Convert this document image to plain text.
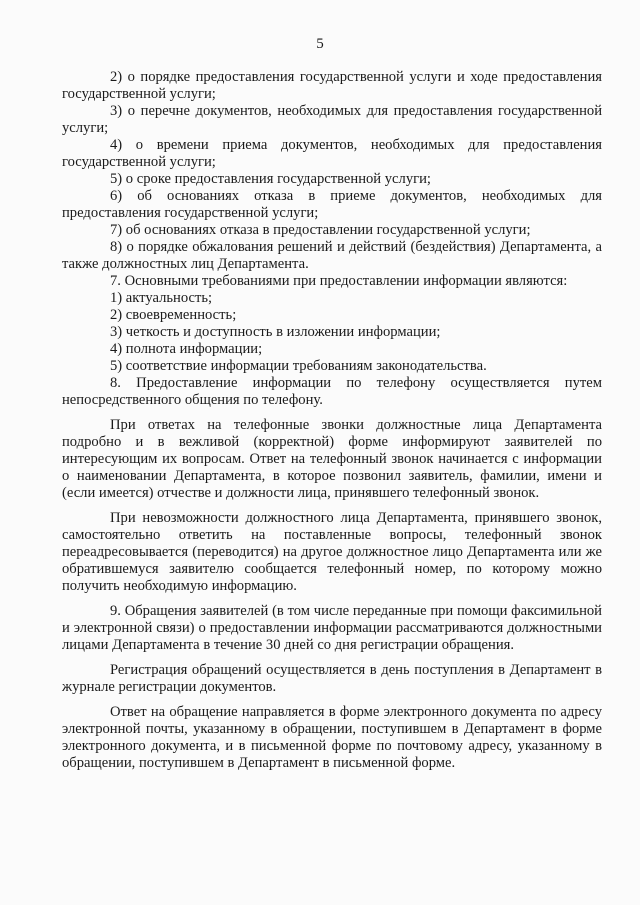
5

2) о порядке предоставления государственной услуги и ходе предоставления государственной услуги;

3) о перечне документов, необходимых для предоставления государственной услуги;

4) о времени приема документов, необходимых для предоставления государственной услуги;

5) о сроке предоставления государственной услуги;

6) об основаниях отказа в приеме документов, необходимых для предоставления государственной услуги;

7) об основаниях отказа в предоставлении государственной услуги;

8) о порядке обжалования решений и действий (бездействия) Департамента, а также должностных лиц Департамента.

7. Основными требованиями при предоставлении информации являются:

1) актуальность;

2) своевременность;

3) четкость и доступность в изложении информации;

4) полнота информации;

5) соответствие информации требованиям законодательства.

8. Предоставление информации по телефону осуществляется путем непосредственного общения по телефону.

При ответах на телефонные звонки должностные лица Департамента подробно и в вежливой (корректной) форме информируют заявителей по интересующим их вопросам. Ответ на телефонный звонок начинается с информации о наименовании Департамента, в которое позвонил заявитель, фамилии, имени и (если имеется) отчестве и должности лица, принявшего телефонный звонок.

При невозможности должностного лица Департамента, принявшего звонок, самостоятельно ответить на поставленные вопросы, телефонный звонок переадресовывается (переводится) на другое должностное лицо Департамента или же обратившемуся заявителю сообщается телефонный номер, по которому можно получить необходимую информацию.

9. Обращения заявителей (в том числе переданные при помощи факсимильной и электронной связи) о предоставлении информации рассматриваются должностными лицами Департамента в течение 30 дней со дня регистрации обращения.

Регистрация обращений осуществляется в день поступления в Департамент в журнале регистрации документов.

Ответ на обращение направляется в форме электронного документа по адресу электронной почты, указанному в обращении, поступившем в Департамент в форме электронного документа, и в письменной форме по почтовому адресу, указанному в обращении, поступившем в Департамент в письменной форме.
